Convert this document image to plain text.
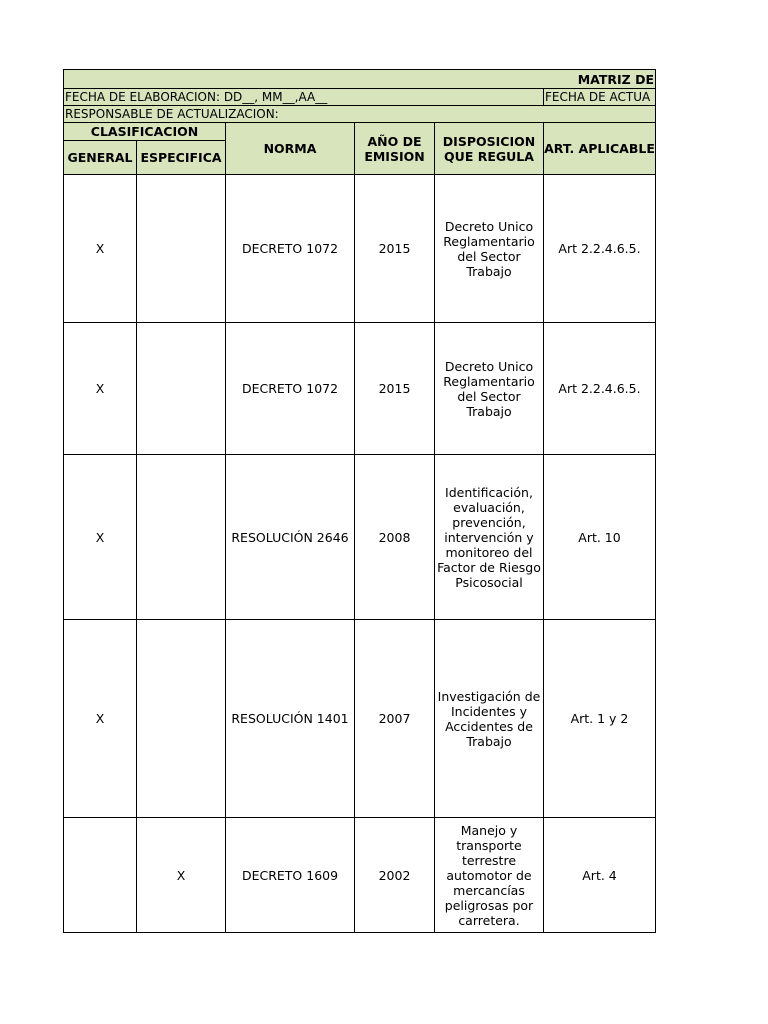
MATRIZ DE					
FECHA DE ELABORACION: DD__, MM__,AA__					FECHA DE ACTUA
RESPONSABLE DE ACTUALIZACION:					
CLASIFICACION		NORMA	AÑO DE EMISION	DISPOSICION QUE REGULA	ART. APLICABLE
GENERAL	ESPECIFICA				
X		DECRETO 1072	2015	Decreto Unico Reglamentario del Sector Trabajo	Art 2.2.4.6.5.
X		DECRETO 1072	2015	Decreto Unico Reglamentario del Sector Trabajo	Art 2.2.4.6.5.
X		RESOLUCIÓN 2646	2008	Identificación, evaluación, prevención, intervención y monitoreo del Factor de Riesgo Psicosocial	Art. 10
X		RESOLUCIÓN 1401	2007	Investigación de Incidentes y Accidentes de Trabajo	Art. 1 y 2
	X	DECRETO 1609	2002	Manejo y transporte terrestre automotor de mercancías peligrosas por carretera.	Art. 4
